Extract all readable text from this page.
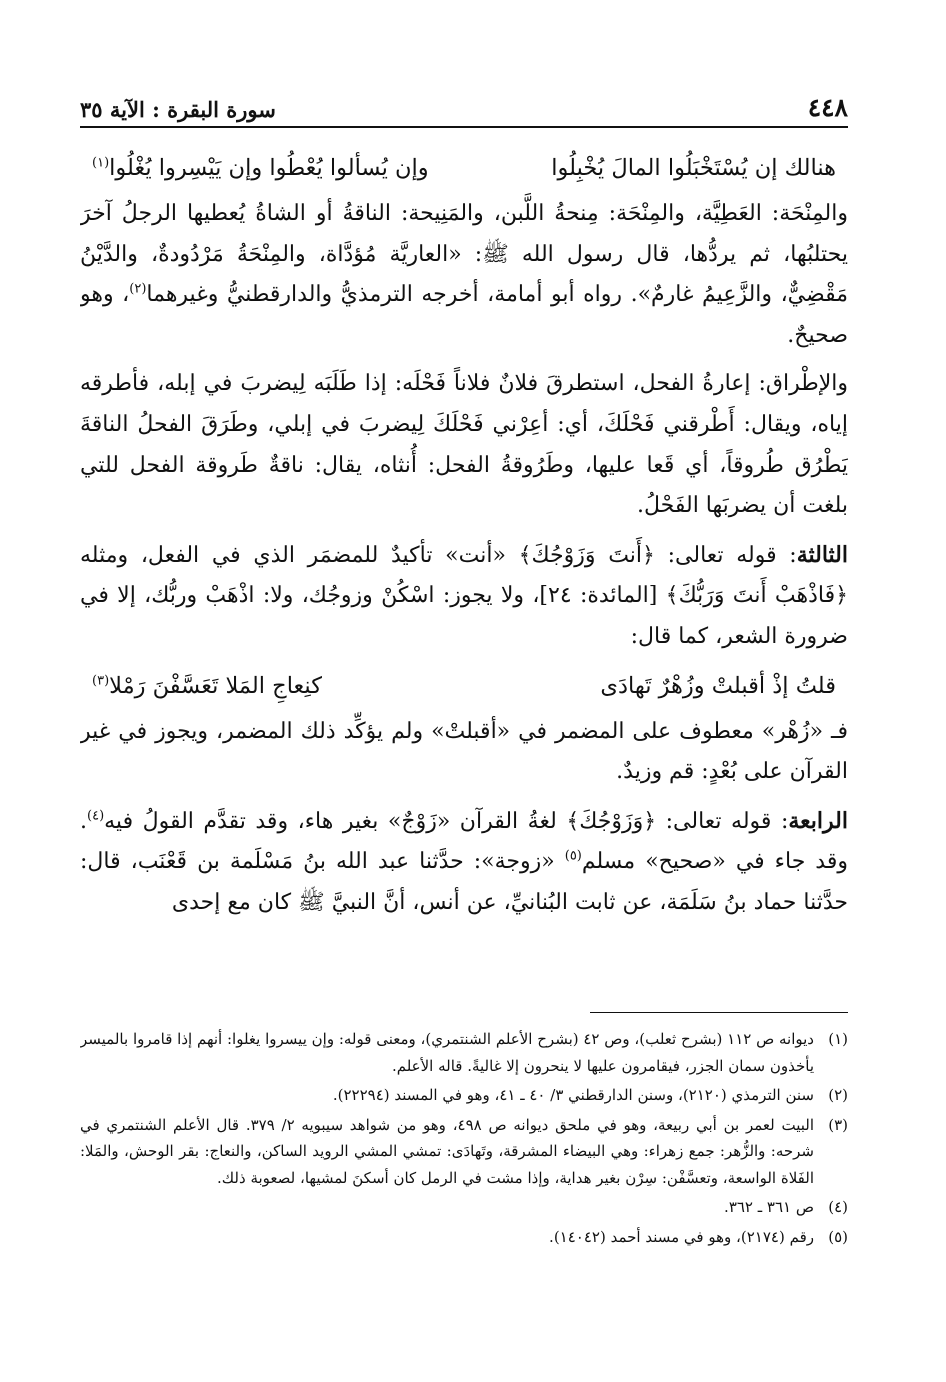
٤٤٨
سورة البقرة : الآية ٣٥
هنالك إن يُسْتَخْبَلُوا المالَ يُخْبِلُوا
وإن يُسألوا يُعْطُوا وإن يَيْسِروا يُغْلُوا$^{(١)}$

والمِنْحَة: العَطِيَّة، والمِنْحَة: مِنحةُ اللَّبن، والمَنِيحة: الناقةُ أو الشاةُ يُعطيها الرجلُ آخرَ يحتلبُها، ثم يردُّها، قال رسول الله ﷺ: «العاريَّة مُؤدَّاة، والمِنْحَةُ مَرْدُودةٌ، والدَّيْنُ مَقْضِيٌّ، والزَّعِيمُ غارمٌ». رواه أبو أمامة، أخرجه الترمذيُّ والدارقطنيُّ وغيرهما$^{(٢)}$، وهو صحيحٌ.

والإطْراق: إعارةُ الفحل، استطرقَ فلانٌ فلاناً فَحْلَه: إذا طَلَبَه لِيضربَ في إبله، فأطرقه إياه، ويقال: أَطْرقني فَحْلَكَ، أي: أعِرْني فَحْلَكَ لِيضربَ في إبلي، وطَرَقَ الفحلُ الناقةَ يَطْرُق طُروقاً، أي قَعا عليها، وطَرُوقةُ الفحل: أُنثاه، يقال: ناقةٌ طَروقة الفحل للتي بلغت أن يضربَها الفَحْلُ.

الثالثة: قوله تعالى: ﴿أَنتَ وَزَوْجُكَ﴾ «أنت» تأكيدٌ للمضمَر الذي في الفعل، ومثله ﴿فَاذْهَبْ أَنتَ وَرَبُّكَ﴾ [المائدة: ٢٤]، ولا يجوز: اسْكُنْ وزوجُك، ولا: اذْهَبْ وربُّك، إلا في ضرورة الشعر، كما قال:

قلتُ إذْ أقبلتْ وزُهْرٌ تَهادَى
كنِعاجِ المَلا تَعَسَّفْنَ رَمْلا$^{(٣)}$

فـ «زُهْر» معطوف على المضمر في «أقبلتْ» ولم يؤكِّد ذلك المضمر، ويجوز في غير القرآن على بُعْدٍ: قم وزيدٌ.

الرابعة: قوله تعالى: ﴿وَزَوْجُكَ﴾ لغةُ القرآن «زَوْجٌ» بغير هاء، وقد تقدَّم القولُ فيه$^{(٤)}$. وقد جاء في «صحيح» مسلم$^{(٥)}$ «زوجة»: حدَّثنا عبد الله بنُ مَسْلَمة بن قَعْنَب، قال: حدَّثنا حماد بنُ سَلَمَة، عن ثابت البُنانيِّ، عن أنس، أنَّ النبيَّ ﷺ كان مع إحدى

(١)
ديوانه ص ١١٢ (بشرح ثعلب)، وص ٤٢ (بشرح الأعلم الشنتمري)، ومعنى قوله: وإن ييسروا يغلوا: أنهم إذا قامروا بالميسر يأخذون سمان الجزر، فيقامرون عليها لا ينحرون إلا غاليةً. قاله الأعلم.
(٢)
سنن الترمذي (٢١٢٠)، وسنن الدارقطني ٣/ ٤٠ ـ ٤١، وهو في المسند (٢٢٢٩٤).
(٣)
البيت لعمر بن أبي ربيعة، وهو في ملحق ديوانه ص ٤٩٨، وهو من شواهد سيبويه ٢/ ٣٧٩. قال الأعلم الشنتمري في شرحه: والزُّهر: جمع زهراء: وهي البيضاء المشرقة، وتَهادَى: تمشي المشي الرويد الساكن، والنعاج: بقر الوحش، والمَلا: الفَلاة الواسعة، وتعسَّفْن: سِرْن بغير هداية، وإذا مشت في الرمل كان أسكنَ لمشيها، لصعوبة ذلك.
(٤)
ص ٣٦١ ـ ٣٦٢.
(٥)
رقم (٢١٧٤)، وهو في مسند أحمد (١٤٠٤٢).
